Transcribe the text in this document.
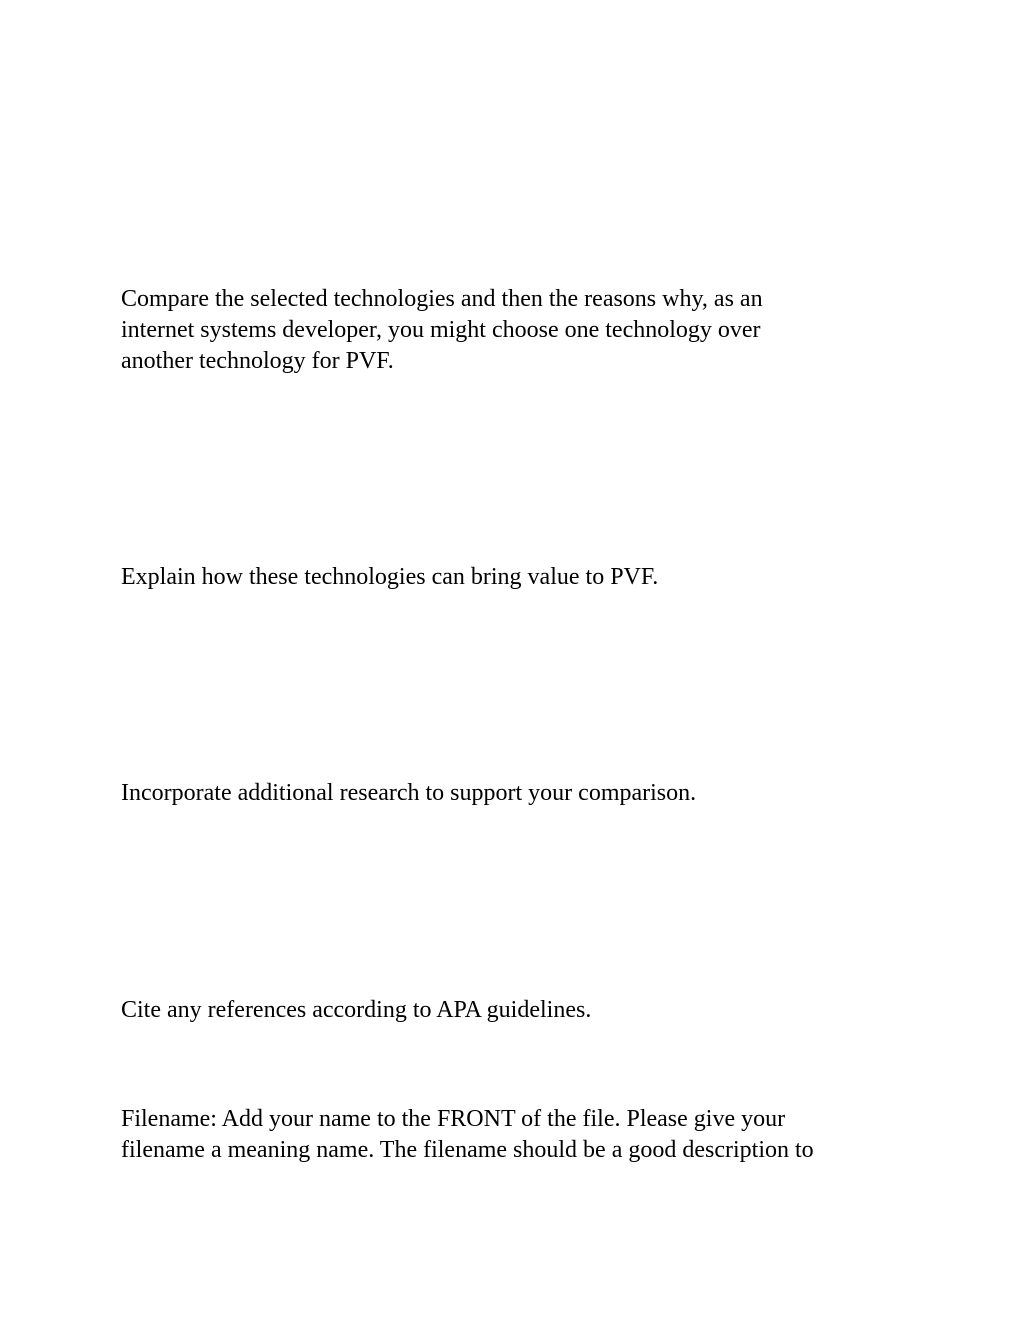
Compare the selected technologies and then the reasons why, as an
internet systems developer, you might choose one technology over
another technology for PVF.

Explain how these technologies can bring value to PVF.

Incorporate additional research to support your comparison.

Cite any references according to APA guidelines.

Filename: Add your name to the FRONT of the file. Please give your
filename a meaning name. The filename should be a good description to
